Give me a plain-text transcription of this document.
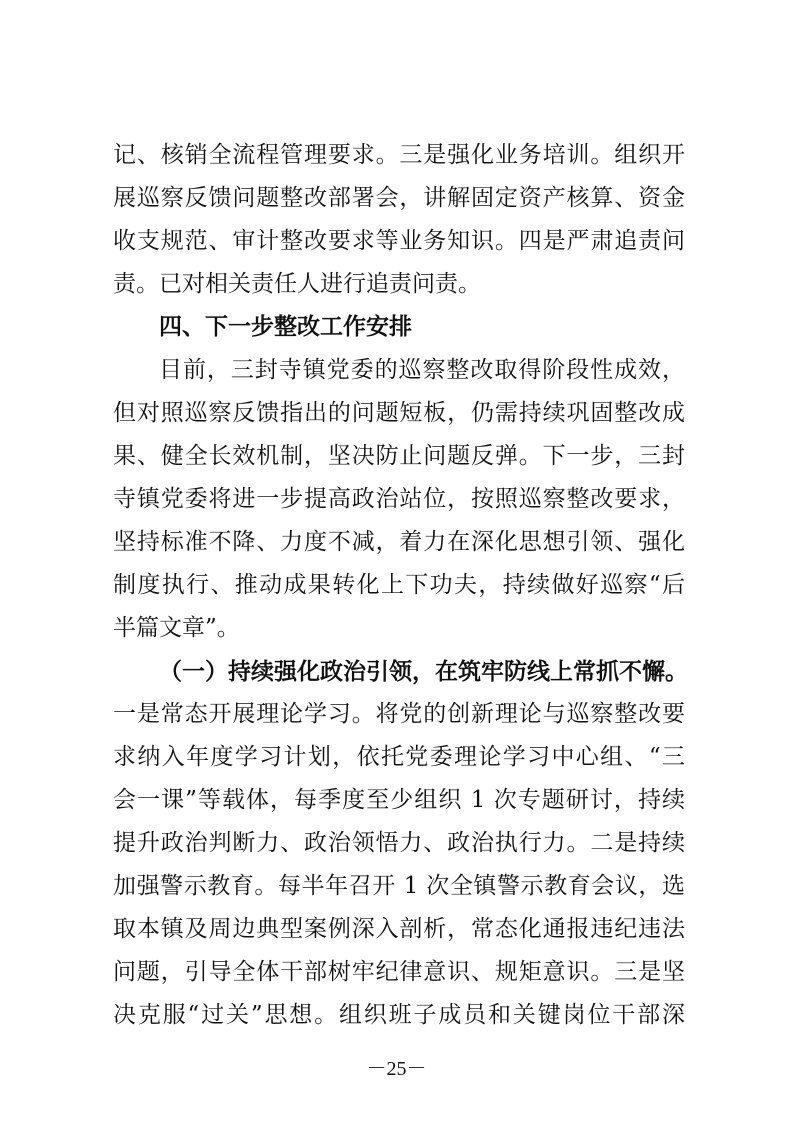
记、核销全流程管理要求。三是强化业务培训。组织开
展巡察反馈问题整改部署会，讲解固定资产核算、资金
收支规范、审计整改要求等业务知识。四是严肃追责问
责。已对相关责任人进行追责问责。
四、下一步整改工作安排
目前，三封寺镇党委的巡察整改取得阶段性成效，
但对照巡察反馈指出的问题短板，仍需持续巩固整改成
果、健全长效机制，坚决防止问题反弹。下一步，三封
寺镇党委将进一步提高政治站位，按照巡察整改要求，
坚持标准不降、力度不减，着力在深化思想引领、强化
制度执行、推动成果转化上下功夫，持续做好巡察“后
半篇文章”。
（一）持续强化政治引领，在筑牢防线上常抓不懈。
一是常态开展理论学习。将党的创新理论与巡察整改要
求纳入年度学习计划，依托党委理论学习中心组、“三
会一课”等载体，每季度至少组织 1 次专题研讨，持续
提升政治判断力、政治领悟力、政治执行力。二是持续
加强警示教育。每半年召开 1 次全镇警示教育会议，选
取本镇及周边典型案例深入剖析，常态化通报违纪违法
问题，引导全体干部树牢纪律意识、规矩意识。三是坚
决克服“过关”思想。组织班子成员和关键岗位干部深
－25－
